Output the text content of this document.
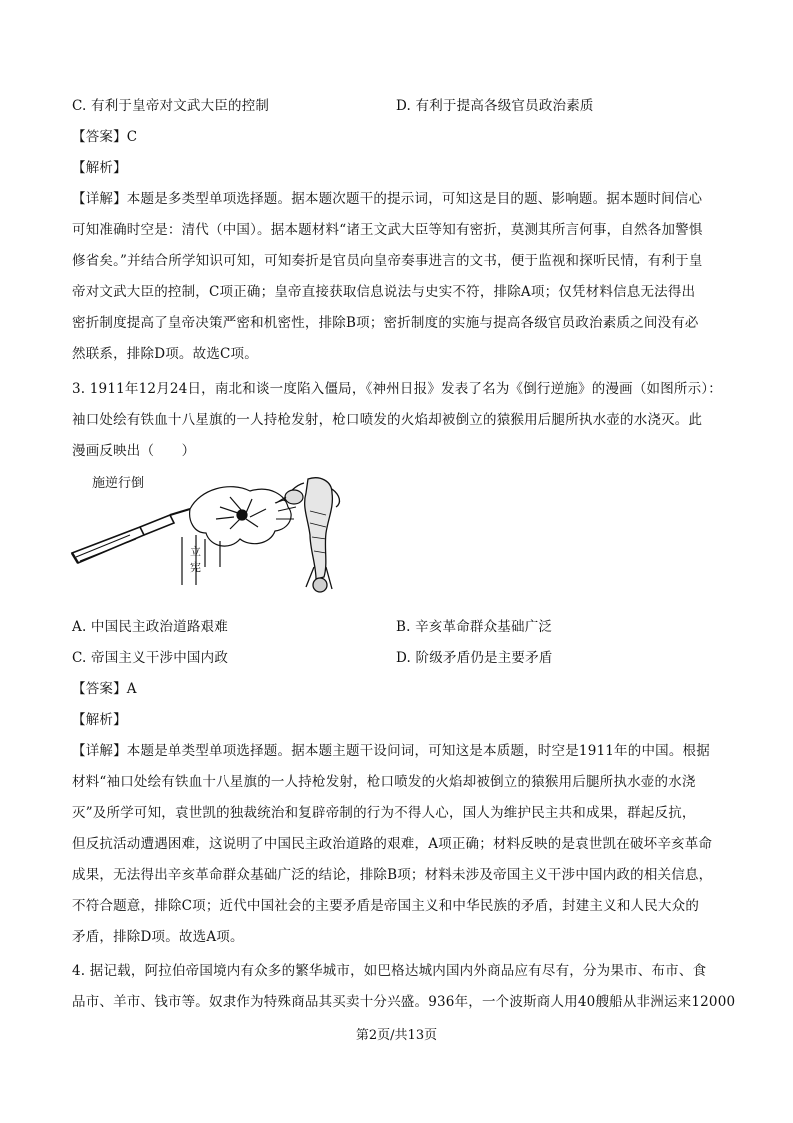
C. 有利于皇帝对文武大臣的控制	D. 有利于提高各级官员政治素质
【答案】C
【解析】
【详解】本题是多类型单项选择题。据本题次题干的提示词，可知这是目的题、影响题。据本题时间信心
可知准确时空是：清代（中国）。据本题材料“诸王文武大臣等知有密折，莫测其所言何事，自然各加警惧
修省矣。”并结合所学知识可知，可知奏折是官员向皇帝奏事进言的文书，便于监视和探听民情，有利于皇
帝对文武大臣的控制，C项正确；皇帝直接获取信息说法与史实不符，排除A项；仅凭材料信息无法得出
密折制度提高了皇帝决策严密和机密性，排除B项；密折制度的实施与提高各级官员政治素质之间没有必
然联系，排除D项。故选C项。
3. 1911年12月24日，南北和谈一度陷入僵局，《神州日报》发表了名为《倒行逆施》的漫画（如图所示）：
袖口处绘有铁血十八星旗的一人持枪发射，枪口喷发的火焰却被倒立的猿猴用后腿所执水壶的水浇灭。此
漫画反映出（　　）
施逆行倒
立
宪
A. 中国民主政治道路艰难	B. 辛亥革命群众基础广泛
C. 帝国主义干涉中国内政	D. 阶级矛盾仍是主要矛盾
【答案】A
【解析】
【详解】本题是单类型单项选择题。据本题主题干设问词，可知这是本质题，时空是1911年的中国。根据
材料“袖口处绘有铁血十八星旗的一人持枪发射，枪口喷发的火焰却被倒立的猿猴用后腿所执水壶的水浇
灭”及所学可知，袁世凯的独裁统治和复辟帝制的行为不得人心，国人为维护民主共和成果，群起反抗，
但反抗活动遭遇困难，这说明了中国民主政治道路的艰难，A项正确；材料反映的是袁世凯在破坏辛亥革命
成果，无法得出辛亥革命群众基础广泛的结论，排除B项；材料未涉及帝国主义干涉中国内政的相关信息，
不符合题意，排除C项；近代中国社会的主要矛盾是帝国主义和中华民族的矛盾，封建主义和人民大众的
矛盾，排除D项。故选A项。
4. 据记载，阿拉伯帝国境内有众多的繁华城市，如巴格达城内国内外商品应有尽有，分为果市、布市、食
品市、羊市、钱市等。奴隶作为特殊商品其买卖十分兴盛。936年，一个波斯商人用40艘船从非洲运来12000
第2页/共13页
